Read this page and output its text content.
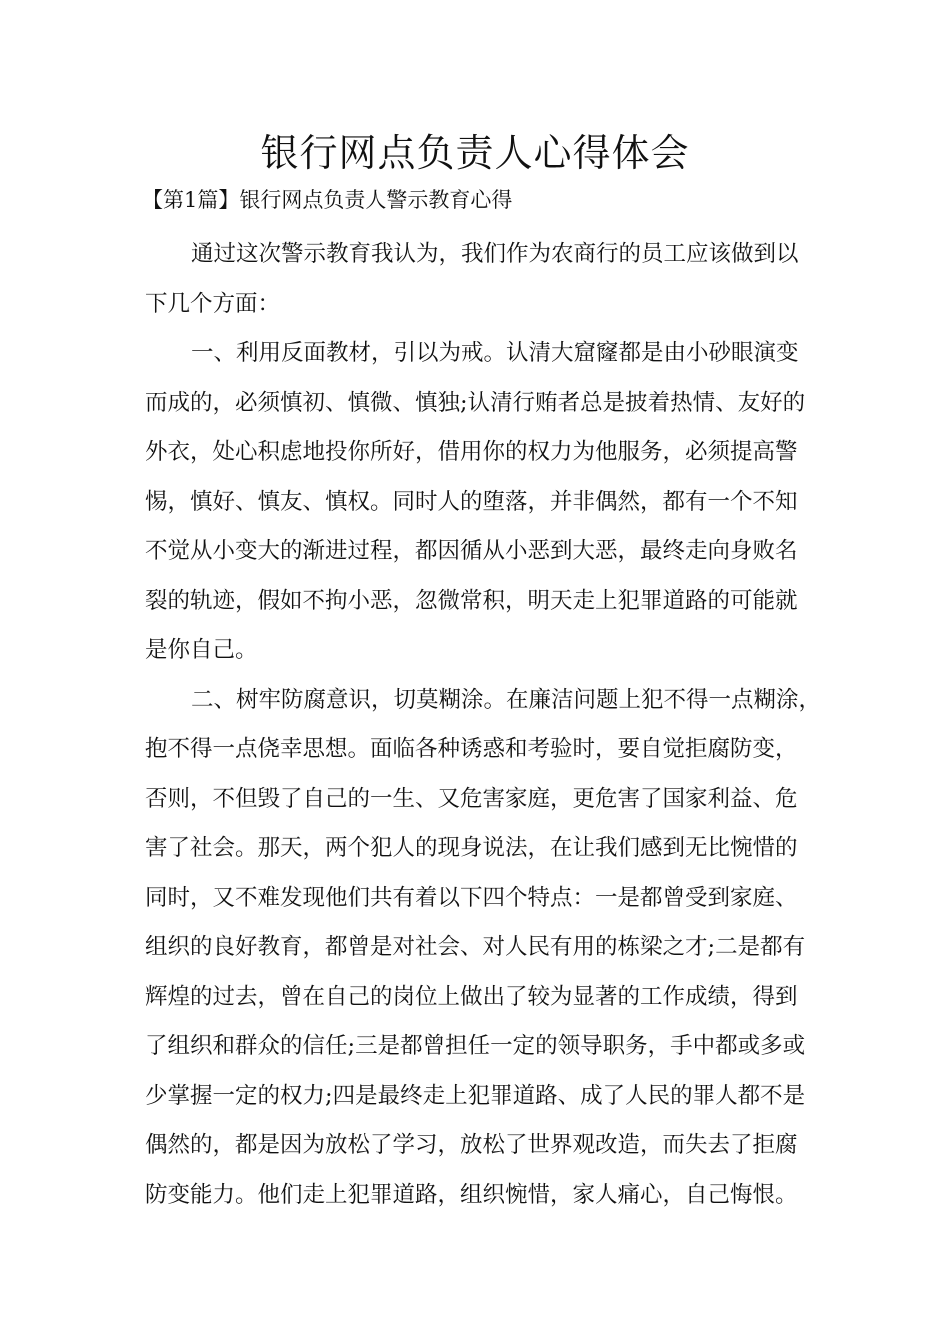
银行网点负责人心得体会

【第1篇】银行网点负责人警示教育心得

通过这次警示教育我认为，我们作为农商行的员工应该做到以

下几个方面：

一、利用反面教材，引以为戒。认清大窟窿都是由小砂眼演变

而成的，必须慎初、慎微、慎独;认清行贿者总是披着热情、友好的

外衣，处心积虑地投你所好，借用你的权力为他服务，必须提高警

惕，慎好、慎友、慎权。同时人的堕落，并非偶然，都有一个不知

不觉从小变大的渐进过程，都因循从小恶到大恶，最终走向身败名

裂的轨迹，假如不拘小恶，忽微常积，明天走上犯罪道路的可能就

是你自己。

二、树牢防腐意识，切莫糊涂。在廉洁问题上犯不得一点糊涂，

抱不得一点侥幸思想。面临各种诱惑和考验时，要自觉拒腐防变，

否则，不但毁了自己的一生、又危害家庭，更危害了国家利益、危

害了社会。那天，两个犯人的现身说法，在让我们感到无比惋惜的

同时，又不难发现他们共有着以下四个特点：一是都曾受到家庭、

组织的良好教育，都曾是对社会、对人民有用的栋梁之才;二是都有

辉煌的过去，曾在自己的岗位上做出了较为显著的工作成绩，得到

了组织和群众的信任;三是都曾担任一定的领导职务，手中都或多或

少掌握一定的权力;四是最终走上犯罪道路、成了人民的罪人都不是

偶然的，都是因为放松了学习，放松了世界观改造，而失去了拒腐

防变能力。他们走上犯罪道路，组织惋惜，家人痛心，自己悔恨。
